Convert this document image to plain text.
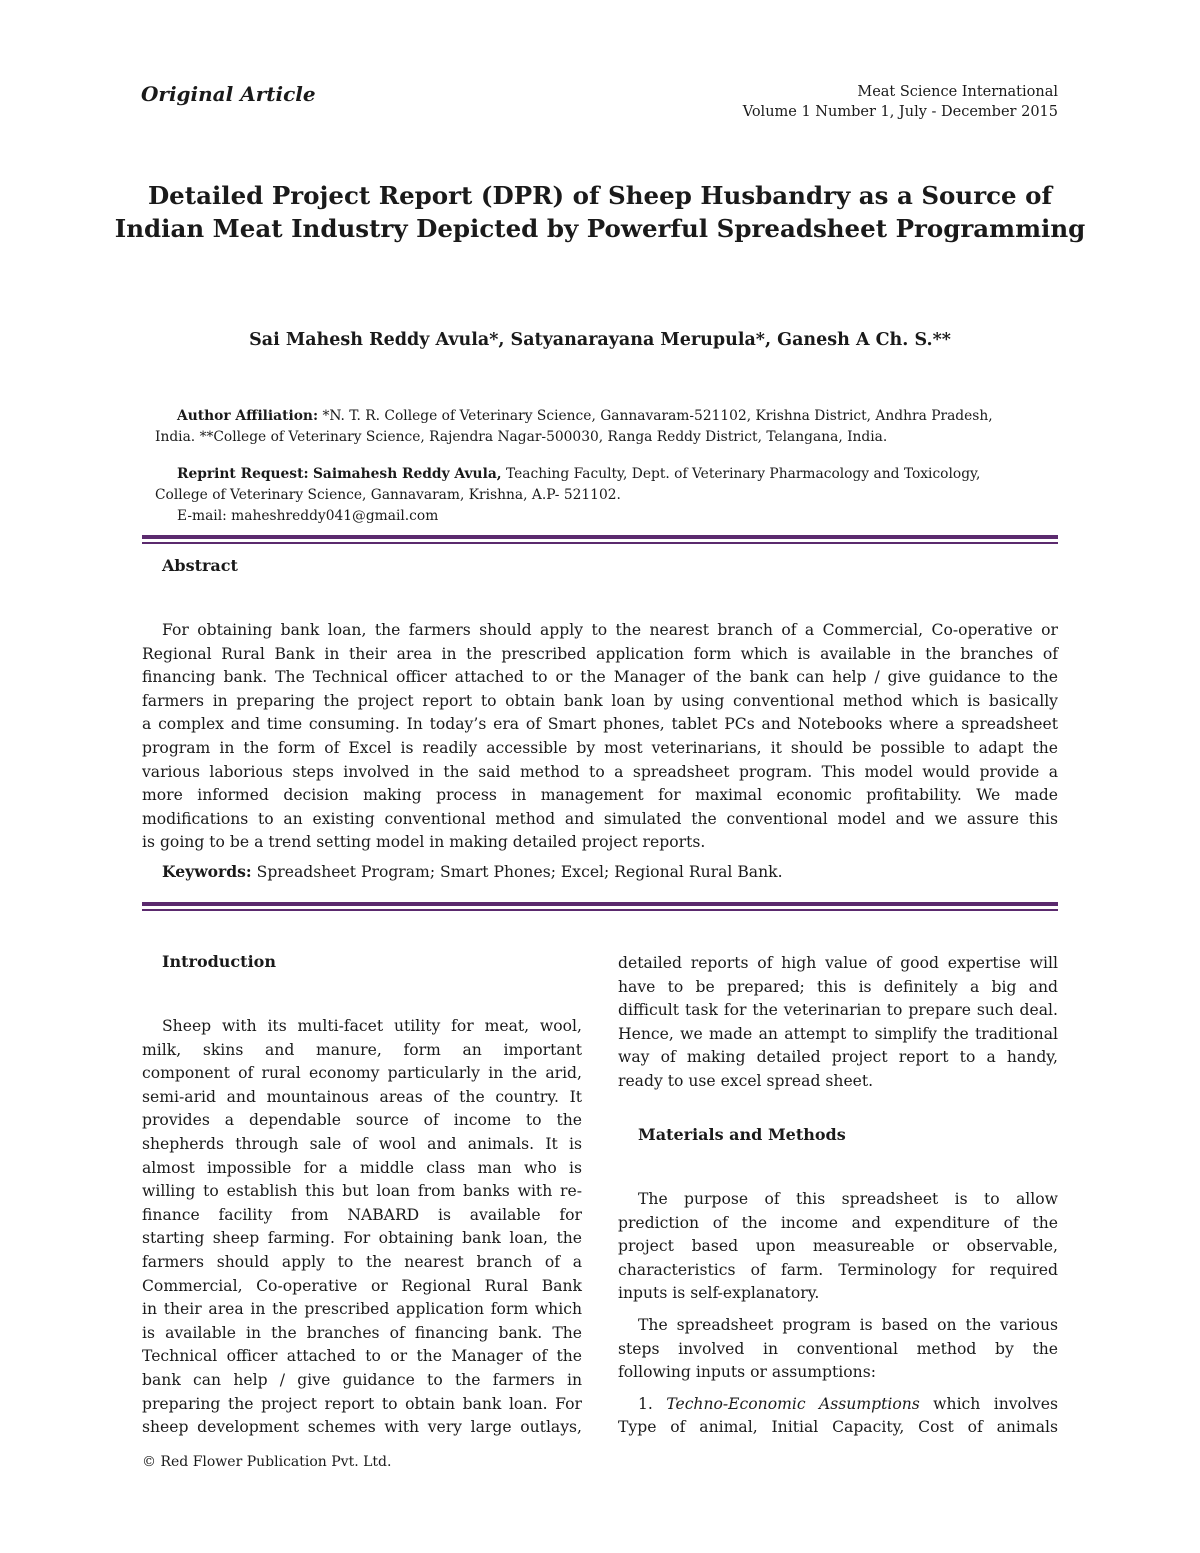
Original Article	Meat Science International
Volume 1 Number 1, July - December 2015
Detailed Project Report (DPR) of Sheep Husbandry as a Source of
Indian Meat Industry Depicted by Powerful Spreadsheet Programming
Sai Mahesh Reddy Avula*, Satyanarayana Merupula*, Ganesh A Ch. S.**
Author Affiliation: *N. T. R. College of Veterinary Science, Gannavaram-521102, Krishna District, Andhra Pradesh,
India. **College of Veterinary Science, Rajendra Nagar-500030, Ranga Reddy District, Telangana, India.
Reprint Request: Saimahesh Reddy Avula, Teaching Faculty, Dept. of Veterinary Pharmacology and Toxicology,
College of Veterinary Science, Gannavaram, Krishna, A.P- 521102.
E-mail: maheshreddy041@gmail.com
Abstract
For obtaining bank loan, the farmers should apply to the nearest branch of a Commercial, Co-operative or
Regional Rural Bank in their area in the prescribed application form which is available in the branches of
financing bank. The Technical officer attached to or the Manager of the bank can help / give guidance to the
farmers in preparing the project report to obtain bank loan by using conventional method which is basically
a complex and time consuming. In today’s era of Smart phones, tablet PCs and Notebooks where a spreadsheet
program in the form of Excel is readily accessible by most veterinarians, it should be possible to adapt the
various laborious steps involved in the said method to a spreadsheet program. This model would provide a
more informed decision making process in management for maximal economic profitability. We made
modifications to an existing conventional method and simulated the conventional model and we assure this
is going to be a trend setting model in making detailed project reports.
Keywords: Spreadsheet Program; Smart Phones; Excel; Regional Rural Bank.
Introduction
Sheep with its multi-facet utility for meat, wool,
milk, skins and manure, form an important
component of rural economy particularly in the arid,
semi-arid and mountainous areas of the country. It
provides a dependable source of income to the
shepherds through sale of wool and animals. It is
almost impossible for a middle class man who is
willing to establish this but loan from banks with re-
finance facility from NABARD is available for
starting sheep farming. For obtaining bank loan, the
farmers should apply to the nearest branch of a
Commercial, Co-operative or Regional Rural Bank
in their area in the prescribed application form which
is available in the branches of financing bank. The
Technical officer attached to or the Manager of the
bank can help / give guidance to the farmers in
preparing the project report to obtain bank loan. For
sheep development schemes with very large outlays,
detailed reports of high value of good expertise will
have to be prepared; this is definitely a big and
difficult task for the veterinarian to prepare such deal.
Hence, we made an attempt to simplify the traditional
way of making detailed project report to a handy,
ready to use excel spread sheet.
Materials and Methods
The purpose of this spreadsheet is to allow
prediction of the income and expenditure of the
project based upon measureable or observable,
characteristics of farm. Terminology for required
inputs is self-explanatory.
The spreadsheet program is based on the various
steps involved in conventional method by the
following inputs or assumptions:
1. Techno-Economic Assumptions which involves
Type of animal, Initial Capacity, Cost of animals
© Red Flower Publication Pvt. Ltd.
